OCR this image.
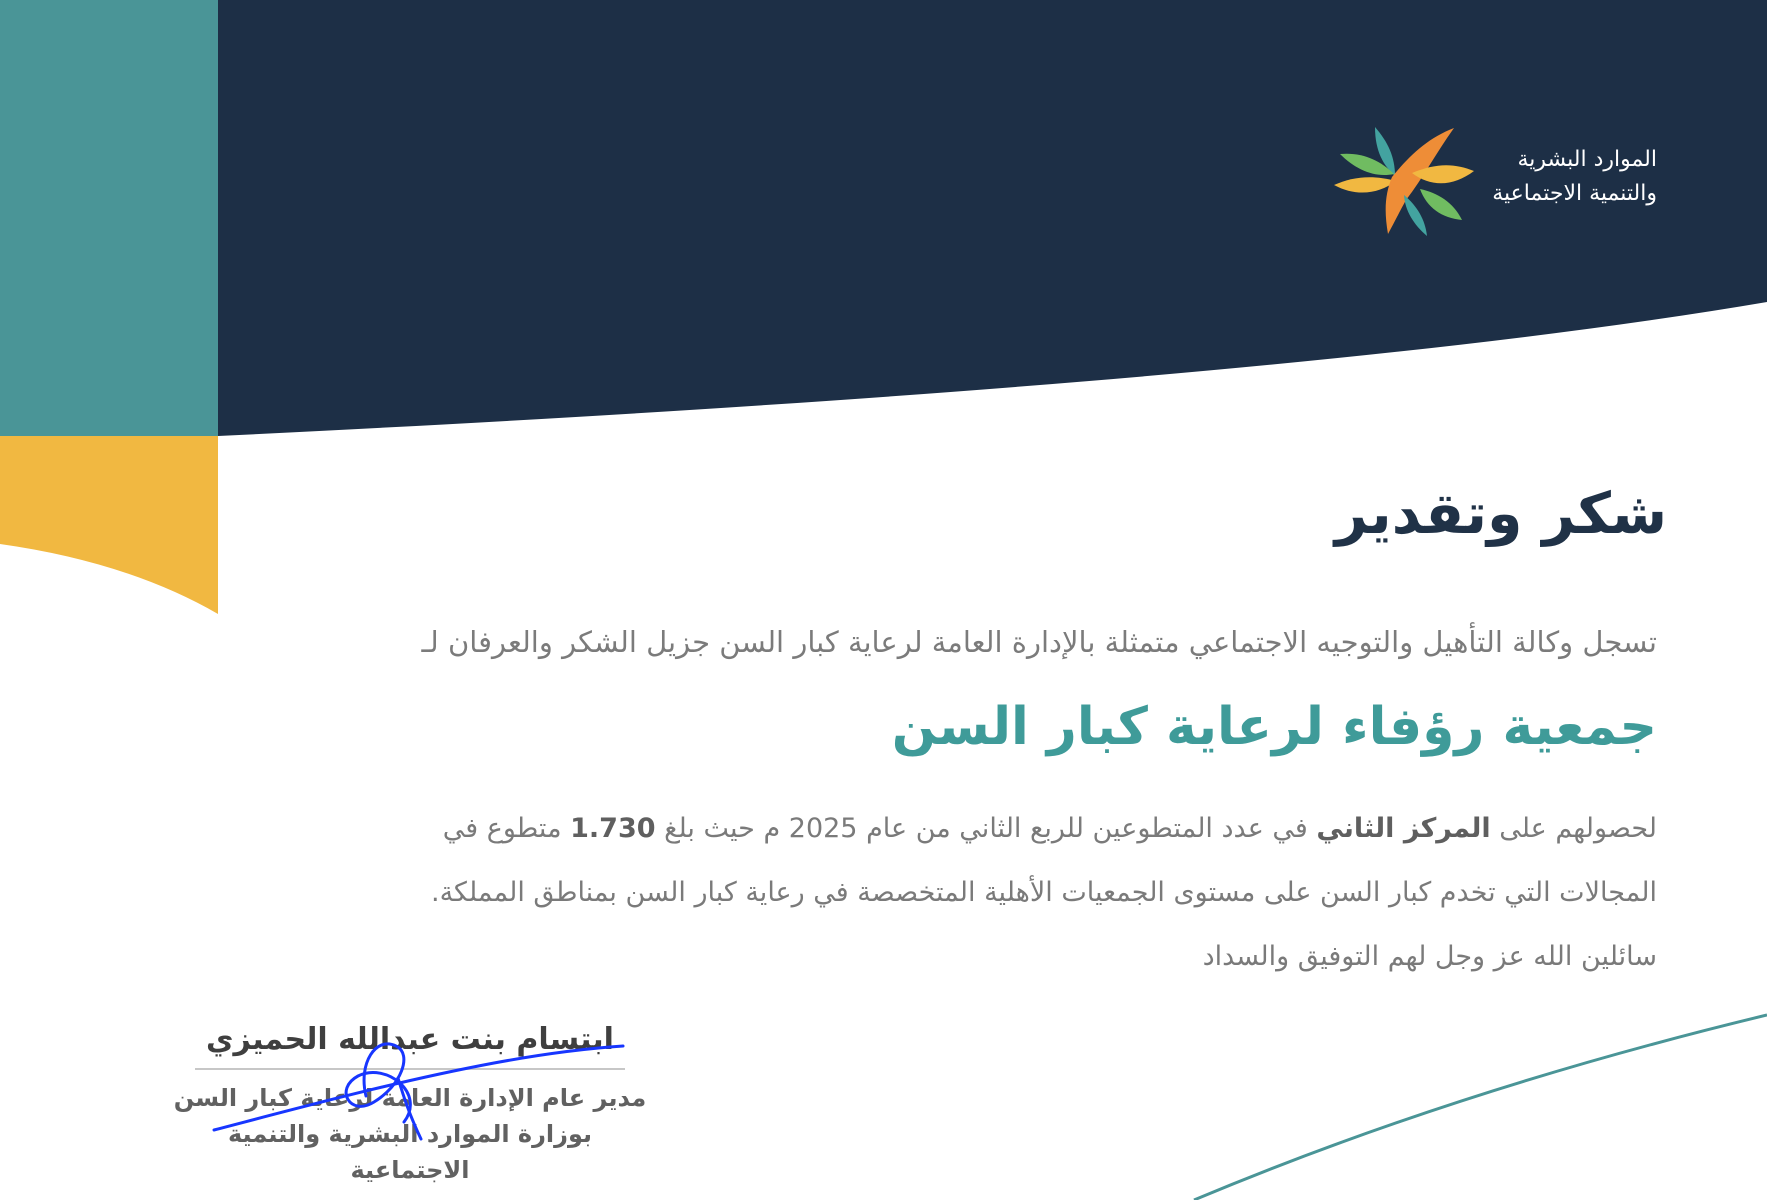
الموارد البشرية
والتنمية الاجتماعية
شكر وتقدير
تسجل وكالة التأهيل والتوجيه الاجتماعي متمثلة بالإدارة العامة لرعاية كبار السن جزيل الشكر والعرفان لـ
جمعية رؤفاء لرعاية كبار السن
لحصولهم على المركز الثاني في عدد المتطوعين للربع الثاني من عام 2025 م حيث بلغ 1.730 متطوع في
المجالات التي تخدم كبار السن على مستوى الجمعيات الأهلية المتخصصة في رعاية كبار السن بمناطق المملكة.
سائلين الله عز وجل لهم التوفيق والسداد
ابتسام بنت عبدالله الحميزي
مدير عام الإدارة العامة لرعاية كبار السن
بوزارة الموارد البشرية والتنمية الاجتماعية
